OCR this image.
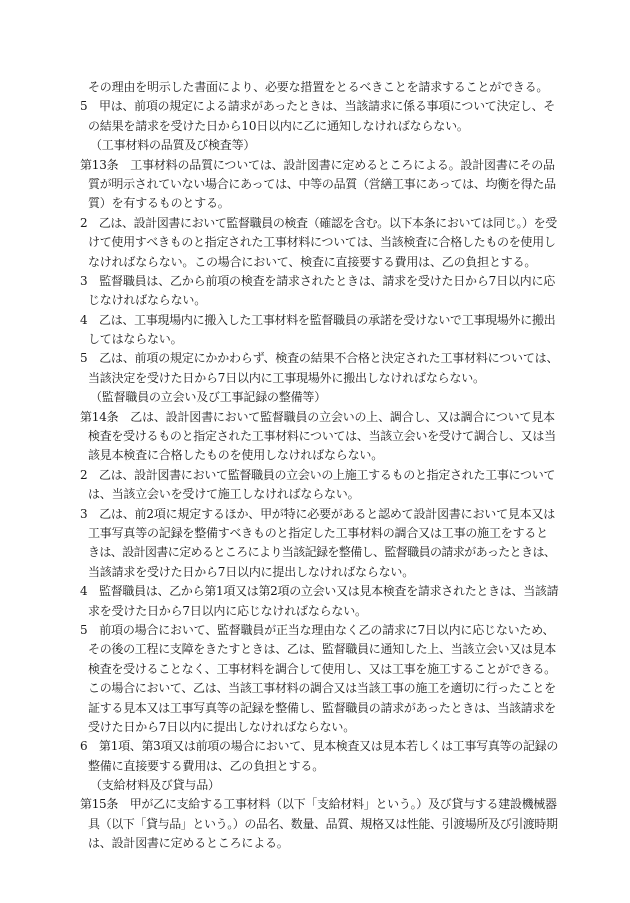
その理由を明示した書面により、必要な措置をとるべきことを請求することができる。
5　甲は、前項の規定による請求があったときは、当該請求に係る事項について決定し、そ
の結果を請求を受けた日から10日以内に乙に通知しなければならない。
（工事材料の品質及び検査等）
第13条　工事材料の品質については、設計図書に定めるところによる。設計図書にその品
質が明示されていない場合にあっては、中等の品質（営繕工事にあっては、均衡を得た品
質）を有するものとする。
2　乙は、設計図書において監督職員の検査（確認を含む。以下本条においては同じ。）を受
けて使用すべきものと指定された工事材料については、当該検査に合格したものを使用し
なければならない。この場合において、検査に直接要する費用は、乙の負担とする。
3　監督職員は、乙から前項の検査を請求されたときは、請求を受けた日から7日以内に応
じなければならない。
4　乙は、工事現場内に搬入した工事材料を監督職員の承諾を受けないで工事現場外に搬出
してはならない。
5　乙は、前項の規定にかかわらず、検査の結果不合格と決定された工事材料については、
当該決定を受けた日から7日以内に工事現場外に搬出しなければならない。
（監督職員の立会い及び工事記録の整備等）
第14条　乙は、設計図書において監督職員の立会いの上、調合し、又は調合について見本
検査を受けるものと指定された工事材料については、当該立会いを受けて調合し、又は当
該見本検査に合格したものを使用しなければならない。
2　乙は、設計図書において監督職員の立会いの上施工するものと指定された工事について
は、当該立会いを受けて施工しなければならない。
3　乙は、前2項に規定するほか、甲が特に必要があると認めて設計図書において見本又は
工事写真等の記録を整備すべきものと指定した工事材料の調合又は工事の施工をすると
きは、設計図書に定めるところにより当該記録を整備し、監督職員の請求があったときは、
当該請求を受けた日から7日以内に提出しなければならない。
4　監督職員は、乙から第1項又は第2項の立会い又は見本検査を請求されたときは、当該請
求を受けた日から7日以内に応じなければならない。
5　前項の場合において、監督職員が正当な理由なく乙の請求に7日以内に応じないため、
その後の工程に支障をきたすときは、乙は、監督職員に通知した上、当該立会い又は見本
検査を受けることなく、工事材料を調合して使用し、又は工事を施工することができる。
この場合において、乙は、当該工事材料の調合又は当該工事の施工を適切に行ったことを
証する見本又は工事写真等の記録を整備し、監督職員の請求があったときは、当該請求を
受けた日から7日以内に提出しなければならない。
6　第1項、第3項又は前項の場合において、見本検査又は見本若しくは工事写真等の記録の
整備に直接要する費用は、乙の負担とする。
（支給材料及び貸与品）
第15条　甲が乙に支給する工事材料（以下「支給材料」という。）及び貸与する建設機械器
具（以下「貸与品」という。）の品名、数量、品質、規格又は性能、引渡場所及び引渡時期
は、設計図書に定めるところによる。
